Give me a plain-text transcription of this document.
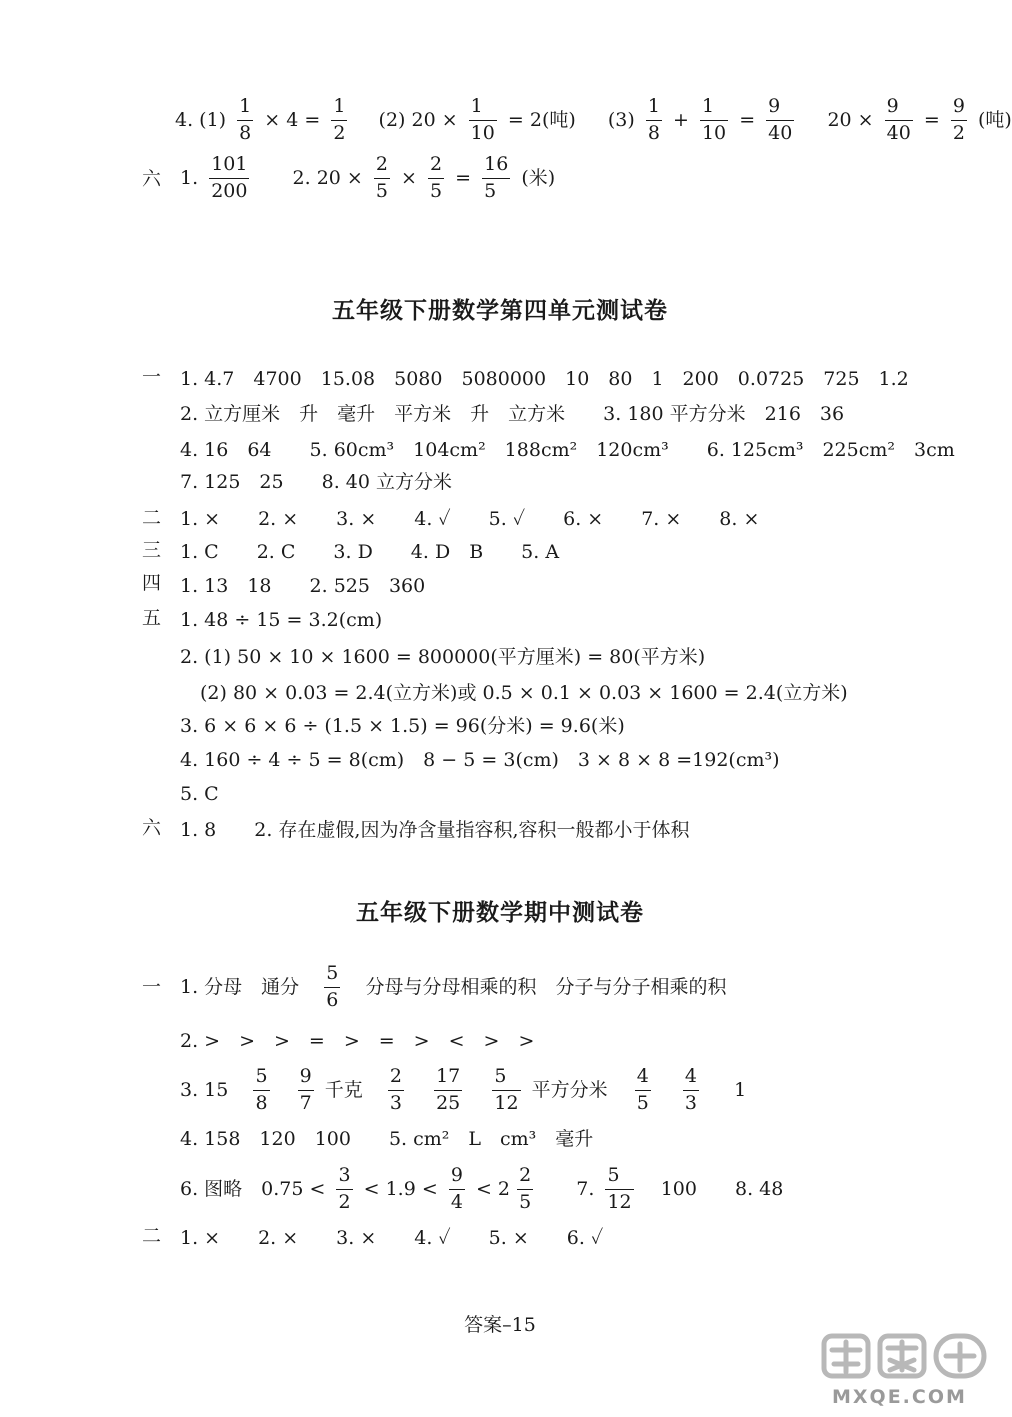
4. $(1) \frac{1}{8} \times 4 = \frac{1}{2} (2) 20 \times \frac{1}{10} = 2$(吨) $(3) \frac{1}{8} + \frac{1}{10} = \frac{9}{40} 20 \times \frac{9}{40} = \frac{9}{2}$ (吨)
六 1. $\frac{101}{200} 2$. $20 \times \frac{2}{5} \times \frac{2}{5} = \frac{16}{5}$ (米)
五年级下册数学第四单元测试卷
一 1. 4.7　4700　15.08　5080　5080000　10　80　1　200　0.0725　725　1.2
2. 立方厘米　升　毫升　平方米　升　立方米　　3. 180 平方分米　216　36
4. 16　64　　5. 60cm³　104cm²　188cm²　120cm³　　6. 125cm³　225cm²　3cm
7. 125　25　　8. 40 立方分米
二 1. ×　　2. ×　　3. ×　　4. ✓　　5. ✓　　6. ×　　7. ×　　8. ×
三 1. C　　2. C　　3. D　　4. D　B　　5. A
四 1. 13　18　　2. 525　360
五 1. 48 ÷ 15 = 3.2(cm)
2. (1) 50 × 10 × 1600 = 800000(平方厘米) = 80(平方米)
(2) 80 × 0.03 = 2.4(立方米)或 0.5 × 0.1 × 0.03 × 1600 = 2.4(立方米)
3. 6 × 6 × 6 ÷ (1.5 × 1.5) = 96(分米) = 9.6(米)
4. 160 ÷ 4 ÷ 5 = 8(cm)　8 − 5 = 3(cm)　3 × 8 × 8 =192(cm³)
5. C
六 1. 8　　2. 存在虚假,因为净含量指容积,容积一般都小于体积
五年级下册数学期中测试卷
一 1. 分母　通分 $\frac{5}{6}$ 分母与分母相乘的积　分子与分子相乘的积
2. >　>　>　=　>　=　>　<　>　>
3. $15 \frac{5}{8}$
$\frac{9}{7}$ 千克 $\frac{2}{3}$
$\frac{17}{25}$
$\frac{5}{12}$ 平方分米 $\frac{4}{5}$
$\frac{4}{3} 1$
4. 158　120　100　　5. cm²　L　cm³　毫升
6. 图略　$0.75 < \frac{3}{2} < 1.9 < \frac{9}{4} < 2 \frac{2}{5} 7$. $\frac{5}{12} 100$　　8. 48
二 1. ×　　2. ×　　3. ×　　4. ✓　　5. ×　　6. ✓
答案–15
MXQE.COM
